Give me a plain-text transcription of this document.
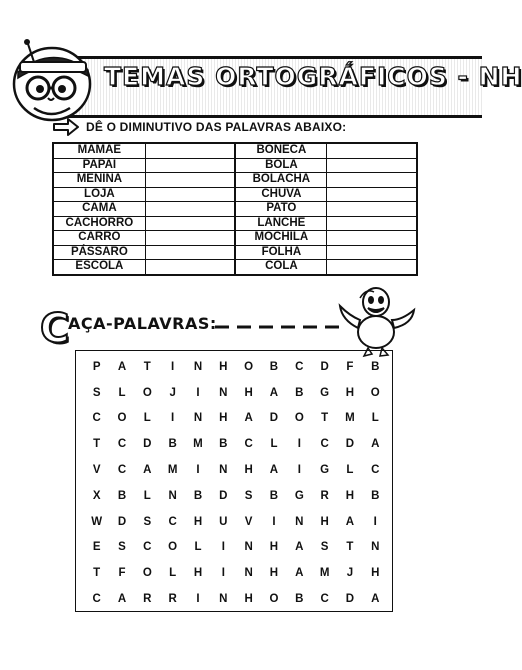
TEMAS ORTOGRÁFICOS - NH
DÊ O DIMINUTIVO DAS PALAVRAS ABAIXO:
MAMÃE		BONECA	
PAPAI		BOLA	
MENINA		BOLACHA	
LOJA		CHUVA	
CAMA		PATO	
CACHORRO		LANCHE	
CARRO		MOCHILA	
PÁSSARO		FOLHA	
ESCOLA		COLA	
C
AÇA-PALAVRAS:
P	A	T	I	N	H	O	B	C	D	F	B
S	L	O	J	I	N	H	A	B	G	H	O
C	O	L	I	N	H	A	D	O	T	M	L
T	C	D	B	M	B	C	L	I	C	D	A
V	C	A	M	I	N	H	A	I	G	L	C
X	B	L	N	B	D	S	B	G	R	H	B
W	D	S	C	H	U	V	I	N	H	A	I
E	S	C	O	L	I	N	H	A	S	T	N
T	F	O	L	H	I	N	H	A	M	J	H
C	A	R	R	I	N	H	O	B	C	D	A
